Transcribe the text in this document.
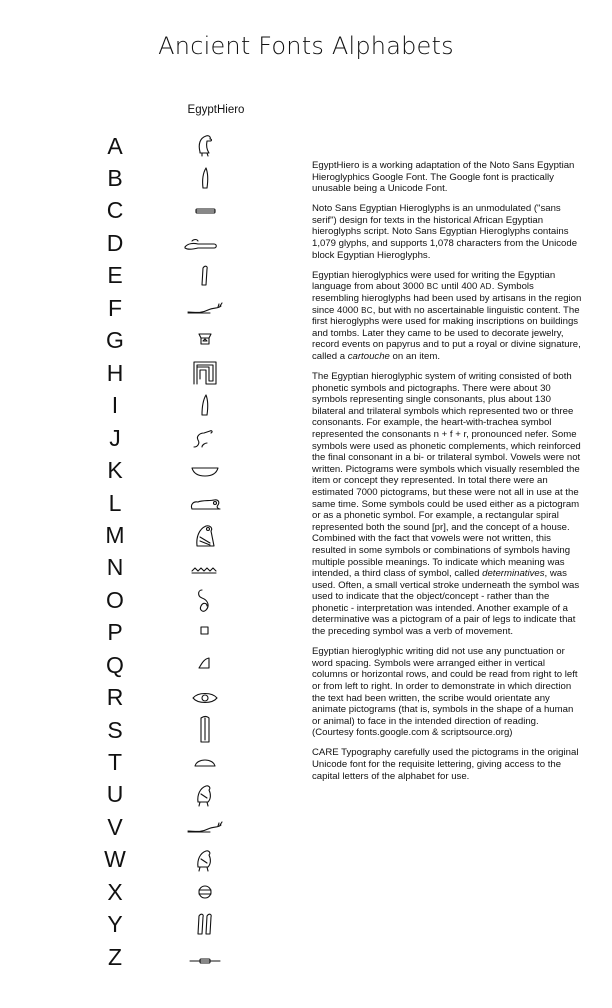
Ancient Fonts Alphabets
EgyptHiero
A
B
C
D
E
F
G
H
I
J
K
L
M
N
O
P
Q
R
S
T
U
V
W
X
Y
Z

EgyptHiero is a working adaptation of the Noto Sans Egyptian Hieroglyphics Google Font. The Google font is practically unusable being a Unicode Font.

Noto Sans Egyptian Hieroglyphs is an unmodulated ("sans serif") design for texts in the historical African Egyptian hieroglyphs script. Noto Sans Egyptian Hieroglyphs contains 1,079 glyphs, and supports 1,078 characters from the Unicode block Egyptian Hieroglyphs.

Egyptian hieroglyphics were used for writing the Egyptian language from about 3000 BC until 400 AD. Symbols resembling hieroglyphs had been used by artisans in the region since 4000 BC, but with no ascertainable linguistic content. The first hieroglyphs were used for making inscriptions on buildings and tombs. Later they came to be used to decorate jewelry, record events on papyrus and to put a royal or divine signature, called a cartouche on an item.

The Egyptian hieroglyphic system of writing consisted of both phonetic symbols and pictographs. There were about 30 symbols representing single consonants, plus about 130 bilateral and trilateral symbols which represented two or three consonants. For example, the heart-with-trachea symbol represented the consonants n + f + r, pronounced nefer. Some symbols were used as phonetic complements, which reinforced the final consonant in a bi- or trilateral symbol. Vowels were not written. Pictograms were symbols which visually resembled the item or concept they represented. In total there were an estimated 7000 pictograms, but these were not all in use at the same time. Some symbols could be used either as a pictogram or as a phonetic symbol. For example, a rectangular spiral represented both the sound [pr], and the concept of a house. Combined with the fact that vowels were not written, this resulted in some symbols or combinations of symbols having multiple possible meanings. To indicate which meaning was intended, a third class of symbol, called determinatives, was used. Often, a small vertical stroke underneath the symbol was used to indicate that the object/concept - rather than the phonetic - interpretation was intended. Another example of a determinative was a pictogram of a pair of legs to indicate that the preceding symbol was a verb of movement.

Egyptian hieroglyphic writing did not use any punctuation or word spacing. Symbols were arranged either in vertical columns or horizontal rows, and could be read from right to left or from left to right. In order to demonstrate in which direction the text had been written, the scribe would orientate any animate pictograms (that is, symbols in the shape of a human or animal) to face in the intended direction of reading. (Courtesy fonts.google.com & scriptsource.org)

CARE Typography carefully used the pictograms in the original Unicode font for the requisite lettering, giving access to the capital letters of the alphabet for use.
